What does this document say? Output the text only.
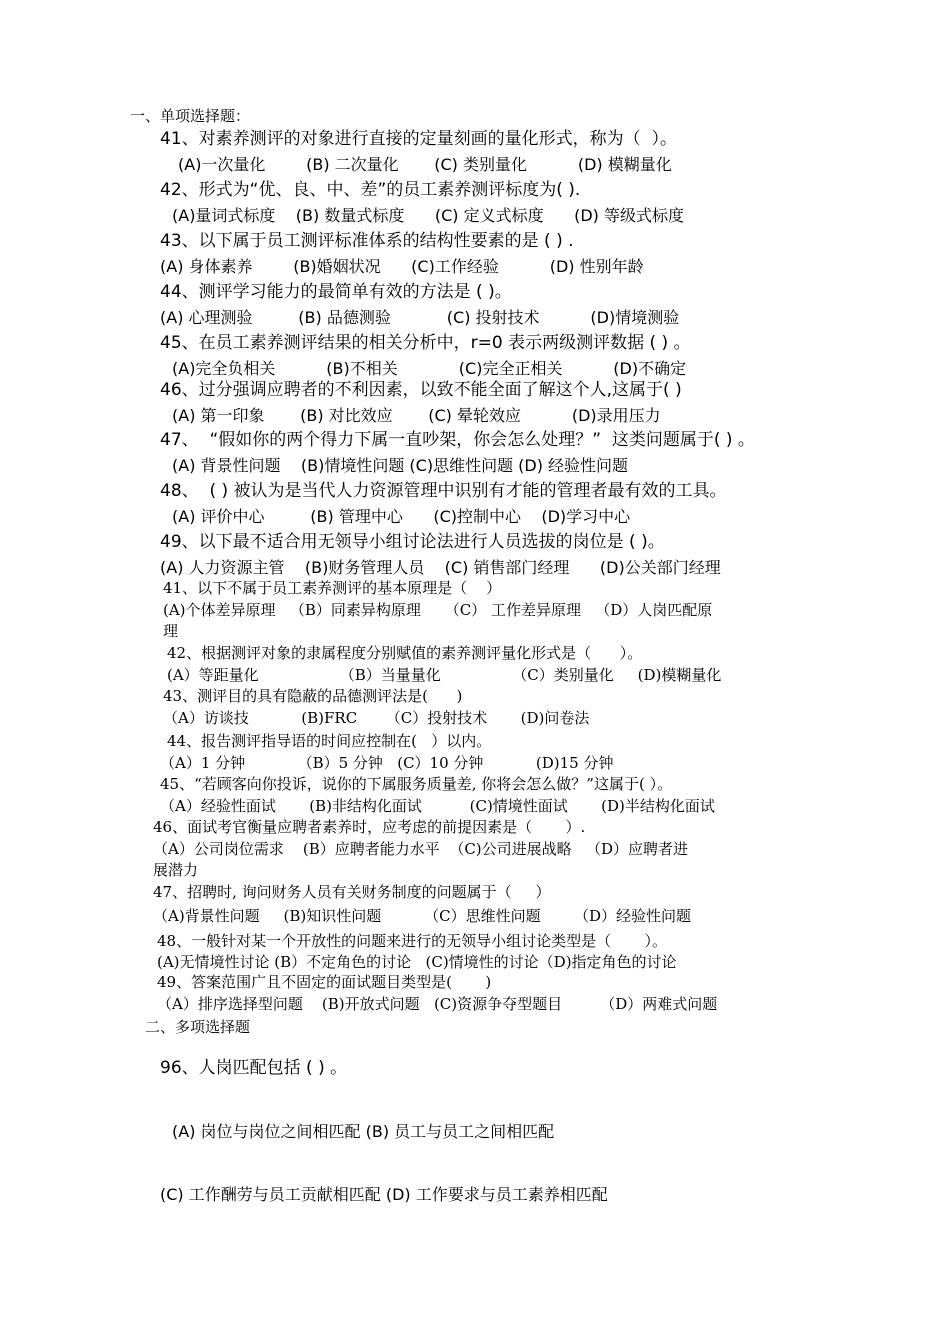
一、单项选择题：
41、对素养测评的对象进行直接的定量刻画的量化形式，称为（  ）。
(A)一次量化        (B) 二次量化       (C) 类别量化          (D) 模糊量化
42、形式为“优、良、中、差”的员工素养测评标度为( ).
(A)量词式标度    (B) 数量式标度      (C) 定义式标度      (D) 等级式标度
43、以下属于员工测评标准体系的结构性要素的是 ( ) .
(A) 身体素养        (B)婚姻状况      (C)工作经验          (D) 性别年龄
44、测评学习能力的最简单有效的方法是 ( )。
(A) 心理测验         (B) 品德测验           (C) 投射技术          (D)情境测验
45、在员工素养测评结果的相关分析中，r=0 表示两级测评数据 ( ) 。
(A)完全负相关          (B)不相关            (C)完全正相关          (D)不确定
46、过分强调应聘者的不利因素，以致不能全面了解这个人,这属于( )
(A) 第一印象       (B) 对比效应       (C) 晕轮效应          (D)录用压力
47、  “假如你的两个得力下属一直吵架，你会怎么处理？”  这类问题属于( ) 。
(A) 背景性问题    (B)情境性问题 (C)思维性问题 (D) 经验性问题
48、  ( ) 被认为是当代人力资源管理中识别有才能的管理者最有效的工具。
(A) 评价中心         (B) 管理中心      (C)控制中心    (D)学习中心
49、以下最不适合用无领导小组讨论法进行人员选拔的岗位是 ( )。
(A) 人力资源主管    (B)财务管理人员    (C) 销售部门经理      (D)公关部门经理
41、以下不属于员工素养测评的基本原理是（    ）
(A)个体差异原理   （B）同素异构原理     （C） 工作差异原理   （D）人岗匹配原
理
42、根据测评对象的隶属程度分别赋值的素养测评量化形式是（      ）。
(A）等距量化                 （B）当量量化               （C）类别量化     (D)模糊量化
43、测评目的具有隐蔽的品德测评法是(      )
（A）访谈技           (B)FRC      （C）投射技术       (D)问卷法
44、报告测评指导语的时间应控制在(   ）以内。
（A）1 分钟           （B）5 分钟   (C）10 分钟           (D)15 分钟
45、“若顾客向你投诉，说你的下属服务质量差, 你将会怎么做？”这属于( ）。
（A）经验性面试       (B)非结构化面试          (C)情境性面试       (D)半结构化面试
46、面试考官衡量应聘者素养时，应考虑的前提因素是（       ）.
（A）公司岗位需求    (B）应聘者能力水平  （C)公司进展战略   （D）应聘者进
展潜力
47、招聘时, 询问财务人员有关财务制度的问题属于（     ）
（A)背景性问题     (B)知识性问题         （C）思维性问题       （D）经验性问题
48、一般针对某一个开放性的问题来进行的无领导小组讨论类型是（       ）。
(A)无情境性讨论 (B）不定角色的讨论   (C)情境性的讨论（D)指定角色的讨论
49、答案范围广且不固定的面试题目类型是(       )
（A）排序选择型问题    (B)开放式问题   (C)资源争夺型题目        （D）两难式问题
二、多项选择题
96、人岗匹配包括 ( ) 。
(A) 岗位与岗位之间相匹配 (B) 员工与员工之间相匹配
(C) 工作酬劳与员工贡献相匹配 (D) 工作要求与员工素养相匹配
